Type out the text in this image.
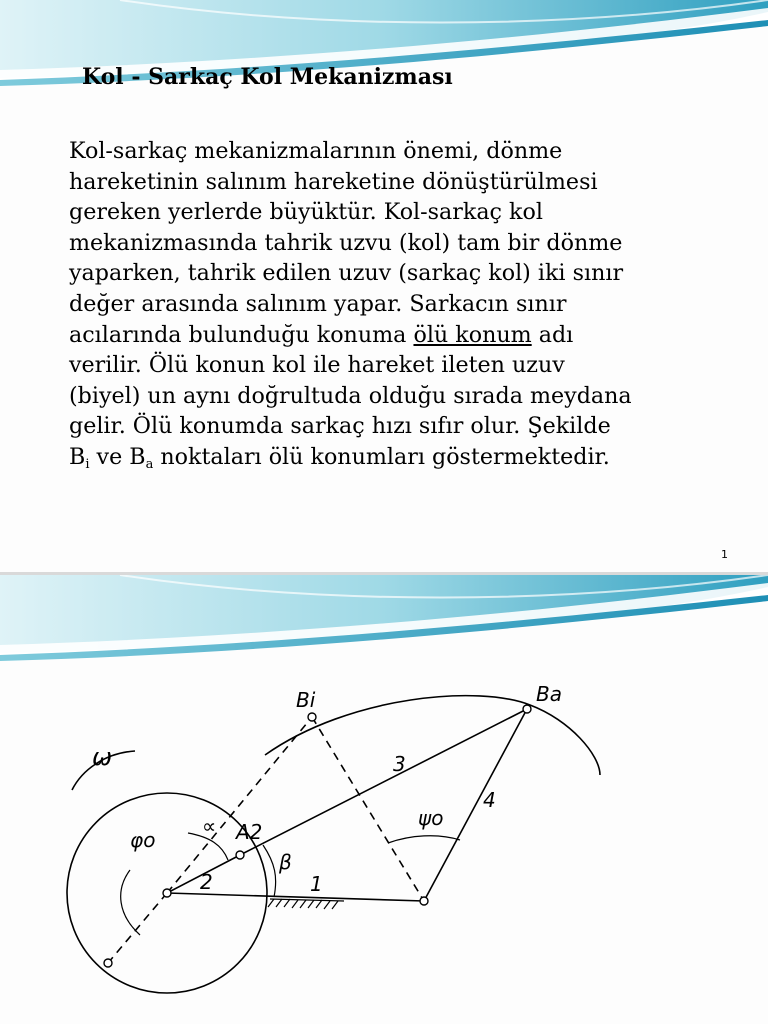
Kol - Sarkaç Kol Mekanizması

Kol-sarkaç mekanizmalarının önemi, dönme
hareketinin salınım hareketine dönüştürülmesi
gereken yerlerde büyüktür. Kol-sarkaç kol
mekanizmasında tahrik uzvu (kol) tam bir dönme
yaparken, tahrik edilen uzuv (sarkaç kol) iki sınır
değer arasında salınım yapar. Sarkacın sınır
acılarında bulunduğu konuma ölü konum adı
verilir. Ölü konun kol ile hareket ileten uzuv
(biyel) un aynı doğrultuda olduğu sırada meydana
gelir. Ölü konumda sarkaç hızı sıfır olur. Şekilde
$B_i$ ve $B_a$ noktaları ölü konumları göstermektedir.

1
Bi	Ba
A2
ω
φo
ψo
∝
β
1
2
3
4
